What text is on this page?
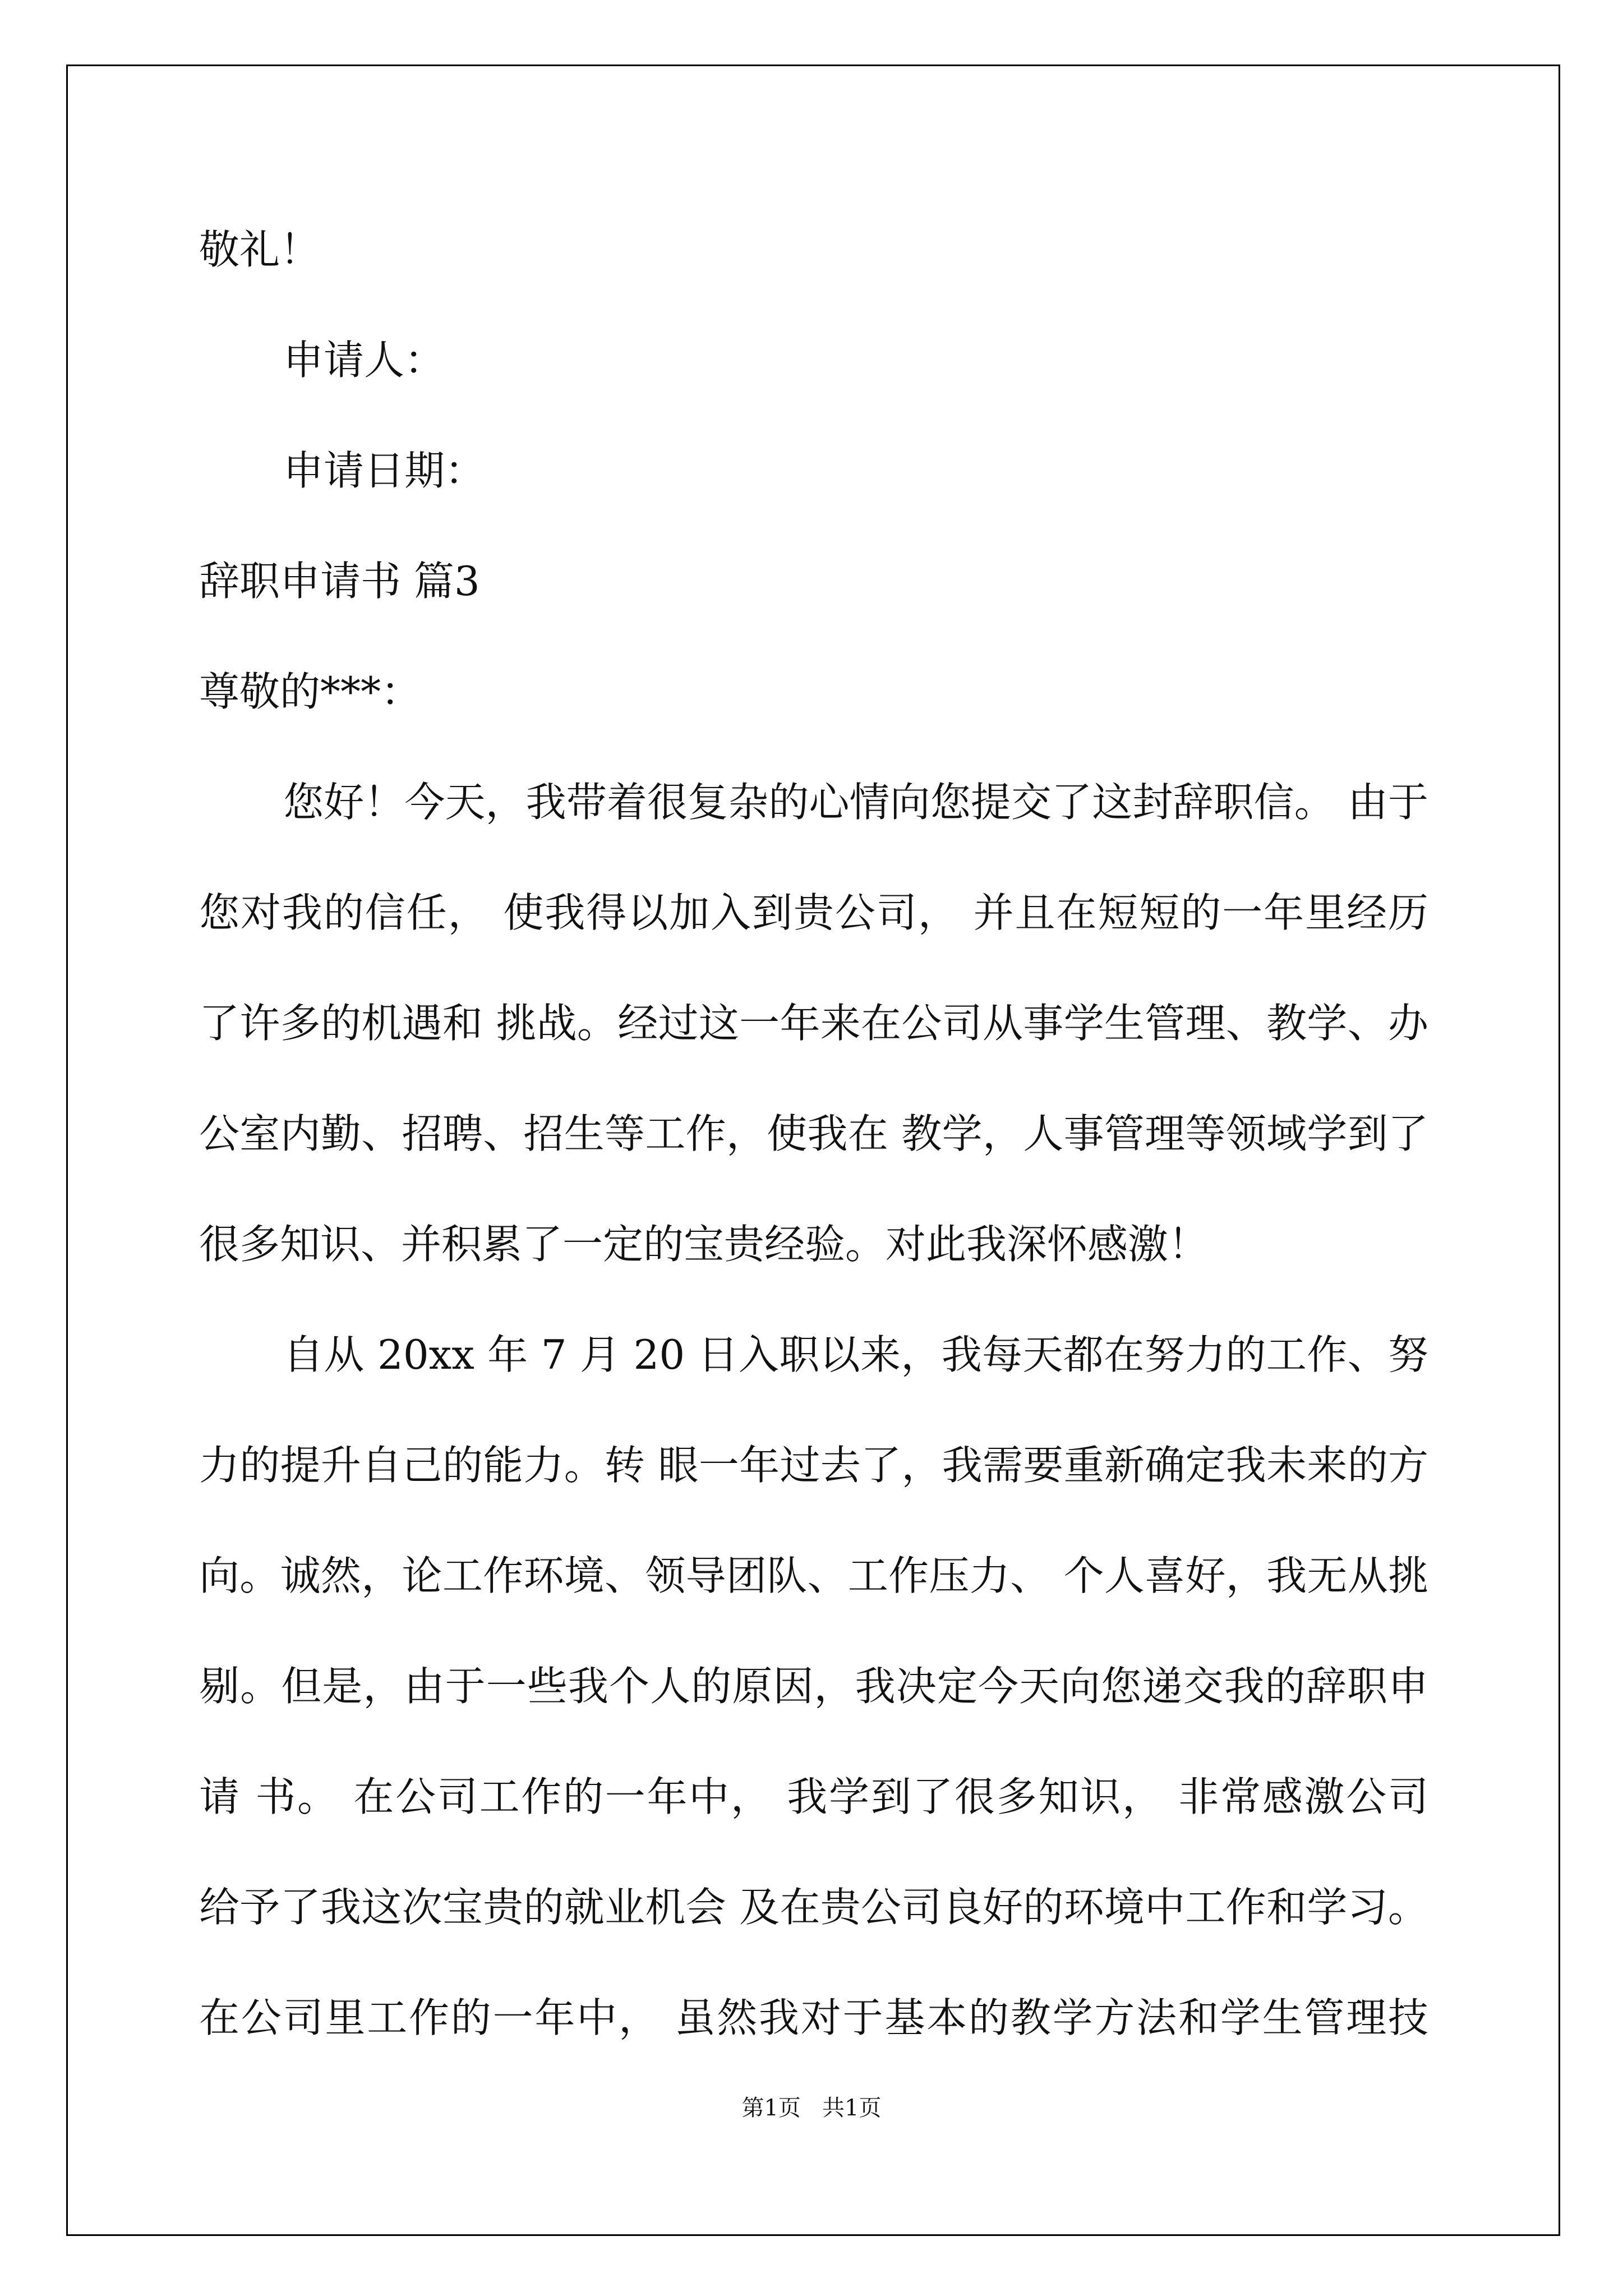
敬礼！
申请人：
申请日期：
辞职申请书 篇3
尊敬的***：
您好！今天，我带着很复杂的心情向您提交了这封辞职信。 由于
您对我的信任， 使我得以加入到贵公司， 并且在短短的一年里经历
了许多的机遇和 挑战。经过这一年来在公司从事学生管理、教学、办
公室内勤、招聘、招生等工作，使我在 教学，人事管理等领域学到了
很多知识、并积累了一定的宝贵经验。对此我深怀感激！
自从 20xx 年 7 月 20 日入职以来，我每天都在努力的工作、努
力的提升自己的能力。转 眼一年过去了，我需要重新确定我未来的方
向。诚然，论工作环境、领导团队、工作压力、 个人喜好，我无从挑
剔。但是，由于一些我个人的原因，我决定今天向您递交我的辞职申
请 书。 在公司工作的一年中， 我学到了很多知识， 非常感激公司
给予了我这次宝贵的就业机会 及在贵公司良好的环境中工作和学习。
在公司里工作的一年中， 虽然我对于基本的教学方法和学生管理技
第1页   共1页
